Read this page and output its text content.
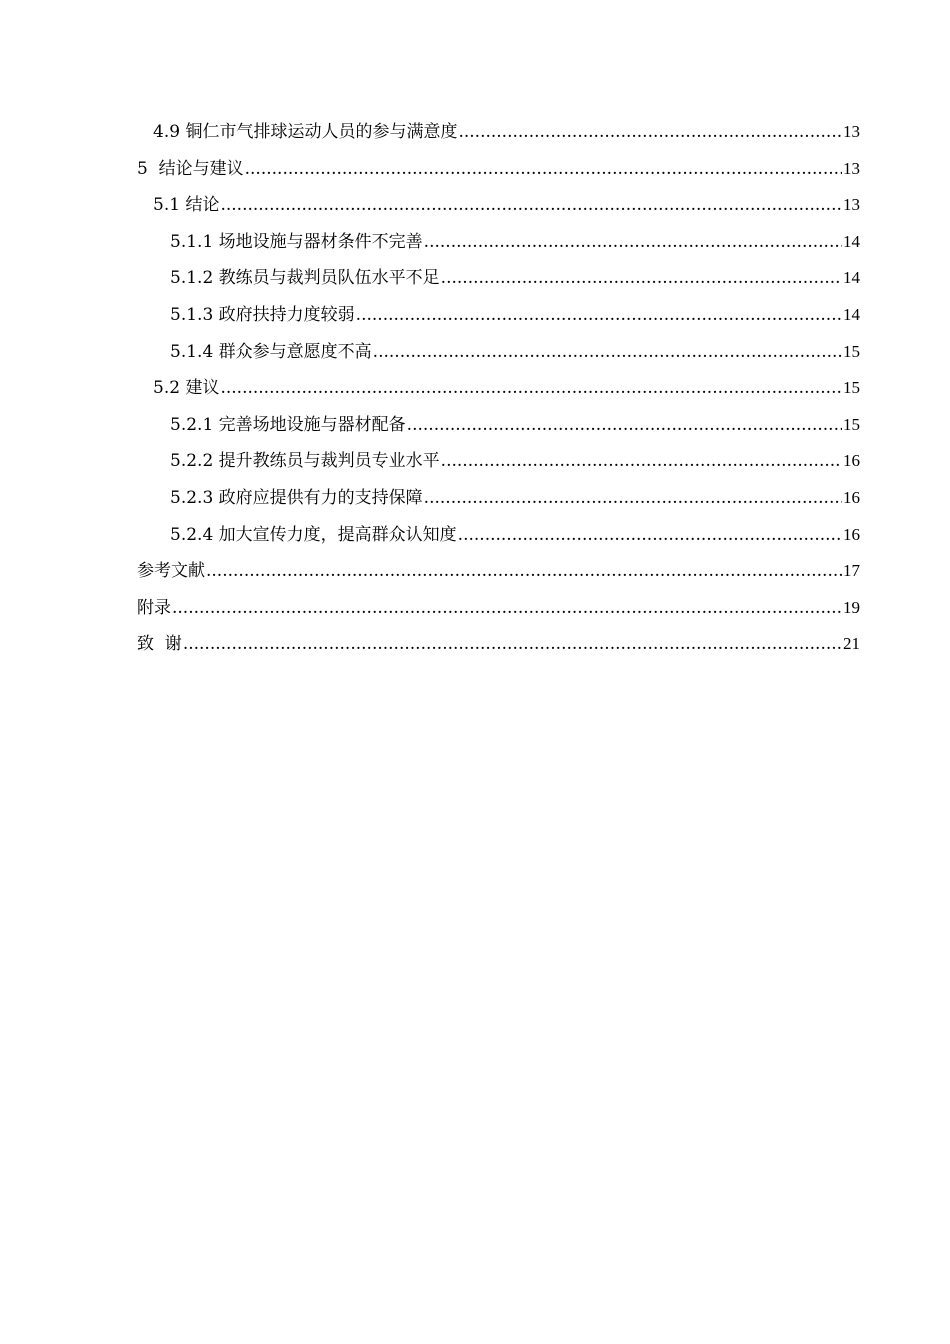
4.9 铜仁市气排球运动人员的参与满意度 .....	13
5  结论与建议 .....	13
5.1 结论 .....	13
5.1.1 场地设施与器材条件不完善 .....	14
5.1.2 教练员与裁判员队伍水平不足 .....	14
5.1.3 政府扶持力度较弱 .....	14
5.1.4 群众参与意愿度不高 .....	15
5.2 建议 .....	15
5.2.1 完善场地设施与器材配备 .....	15
5.2.2 提升教练员与裁判员专业水平 .....	16
5.2.3 政府应提供有力的支持保障 .....	16
5.2.4 加大宣传力度，提高群众认知度 .....	16
参考文献 .....	17
附录 .....	19
致  谢 .....	21
